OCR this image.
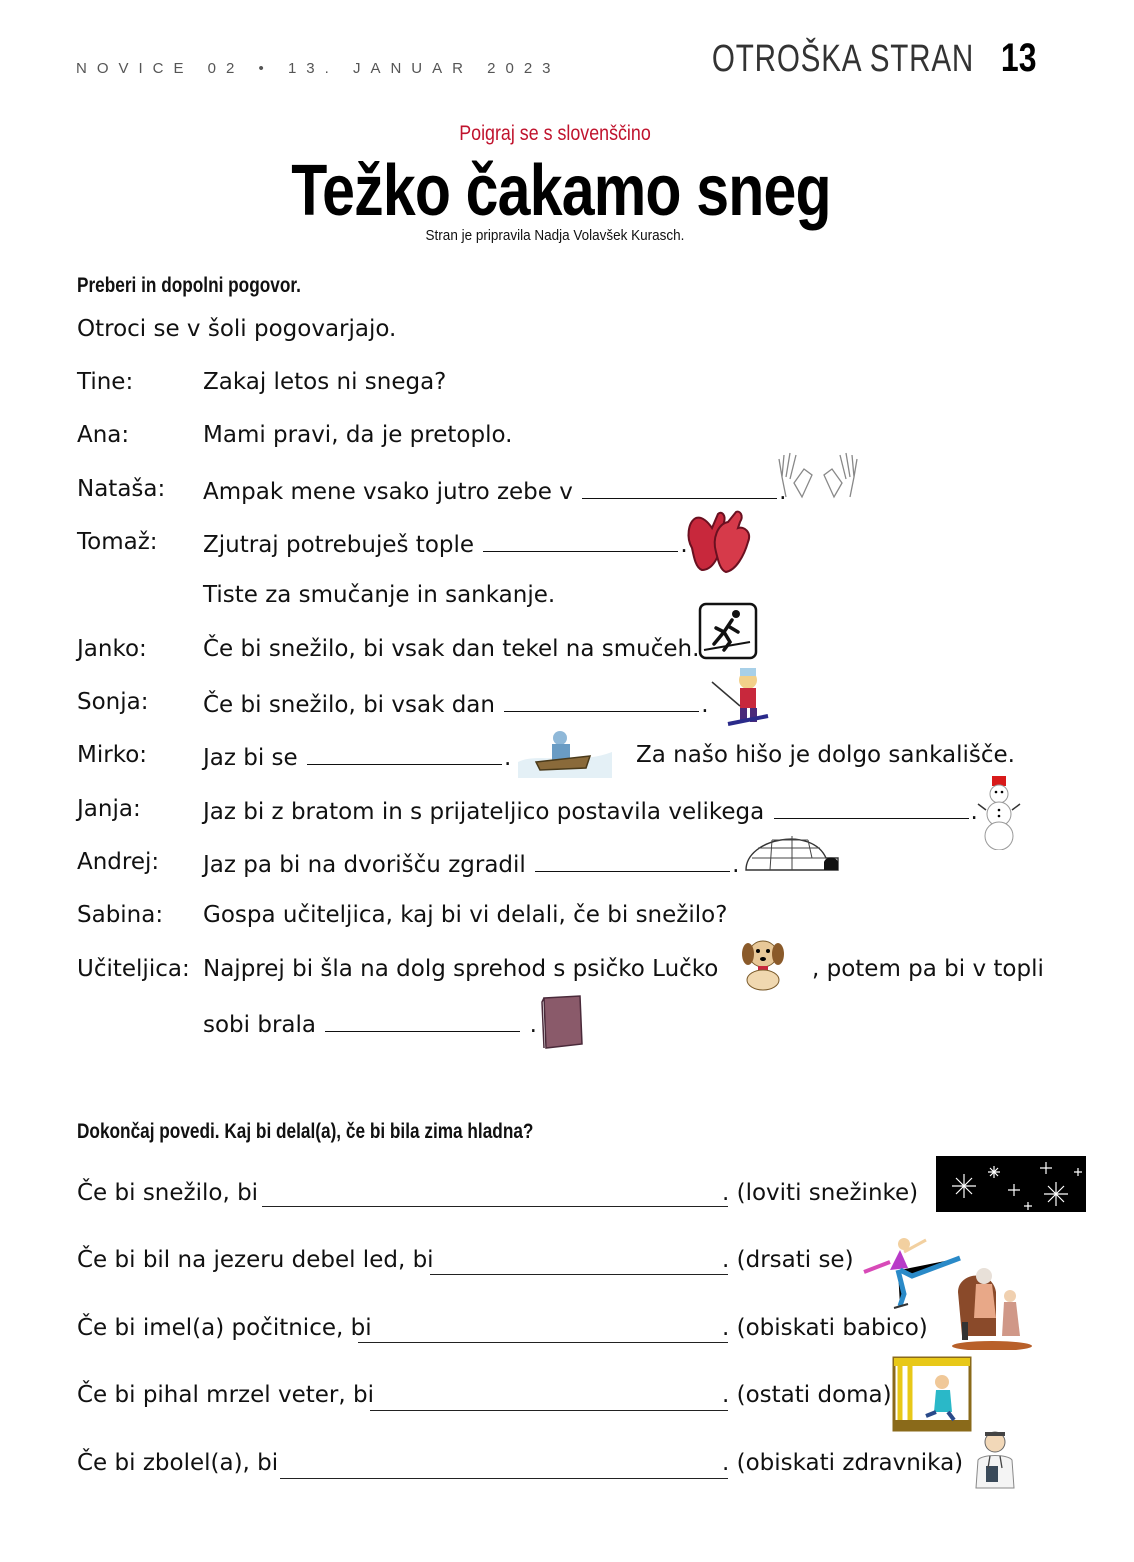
NOVICE 02 • 13. JANUAR 2023	OTROŠKA STRAN 13
Poigraj se s slovenščino
Težko čakamo sneg
Stran je pripravila Nadja Volavšek Kurasch.
Preberi in dopolni pogovor.
Otroci se v šoli pogovarjajo.
Tine:	Zakaj letos ni snega?
Ana:	Mami pravi, da je pretoplo.
Nataša: Ampak mene vsako jutro zebe v	.
Tomaž: Zjutraj potrebuješ tople	.
Tiste za smučanje in sankanje.
Janko: Če bi snežilo, bi vsak dan tekel na smučeh.
Sonja: Če bi snežilo, bi vsak dan	.
Mirko: Jaz bi se	.	Za našo hišo je dolgo sankališče.
Janja:	Jaz bi z bratom in s prijateljico postavila velikega	.
Andrej: Jaz pa bi na dvorišču zgradil	.
Sabina: Gospa učiteljica, kaj bi vi delali, če bi snežilo?
Učiteljica: Najprej bi šla na dolg sprehod s psičko Lučko	, potem pa bi v topli
sobi brala	.
Dokončaj povedi. Kaj bi delal(a), če bi bila zima hladna?
Če bi snežilo, bi	. (loviti snežinke)
Če bi bil na jezeru debel led, bi	. (drsati se)
Če bi imel(a) počitnice, bi	. (obiskati babico)
Če bi pihal mrzel veter, bi	. (ostati doma)
Če bi zbolel(a), bi	. (obiskati zdravnika)
